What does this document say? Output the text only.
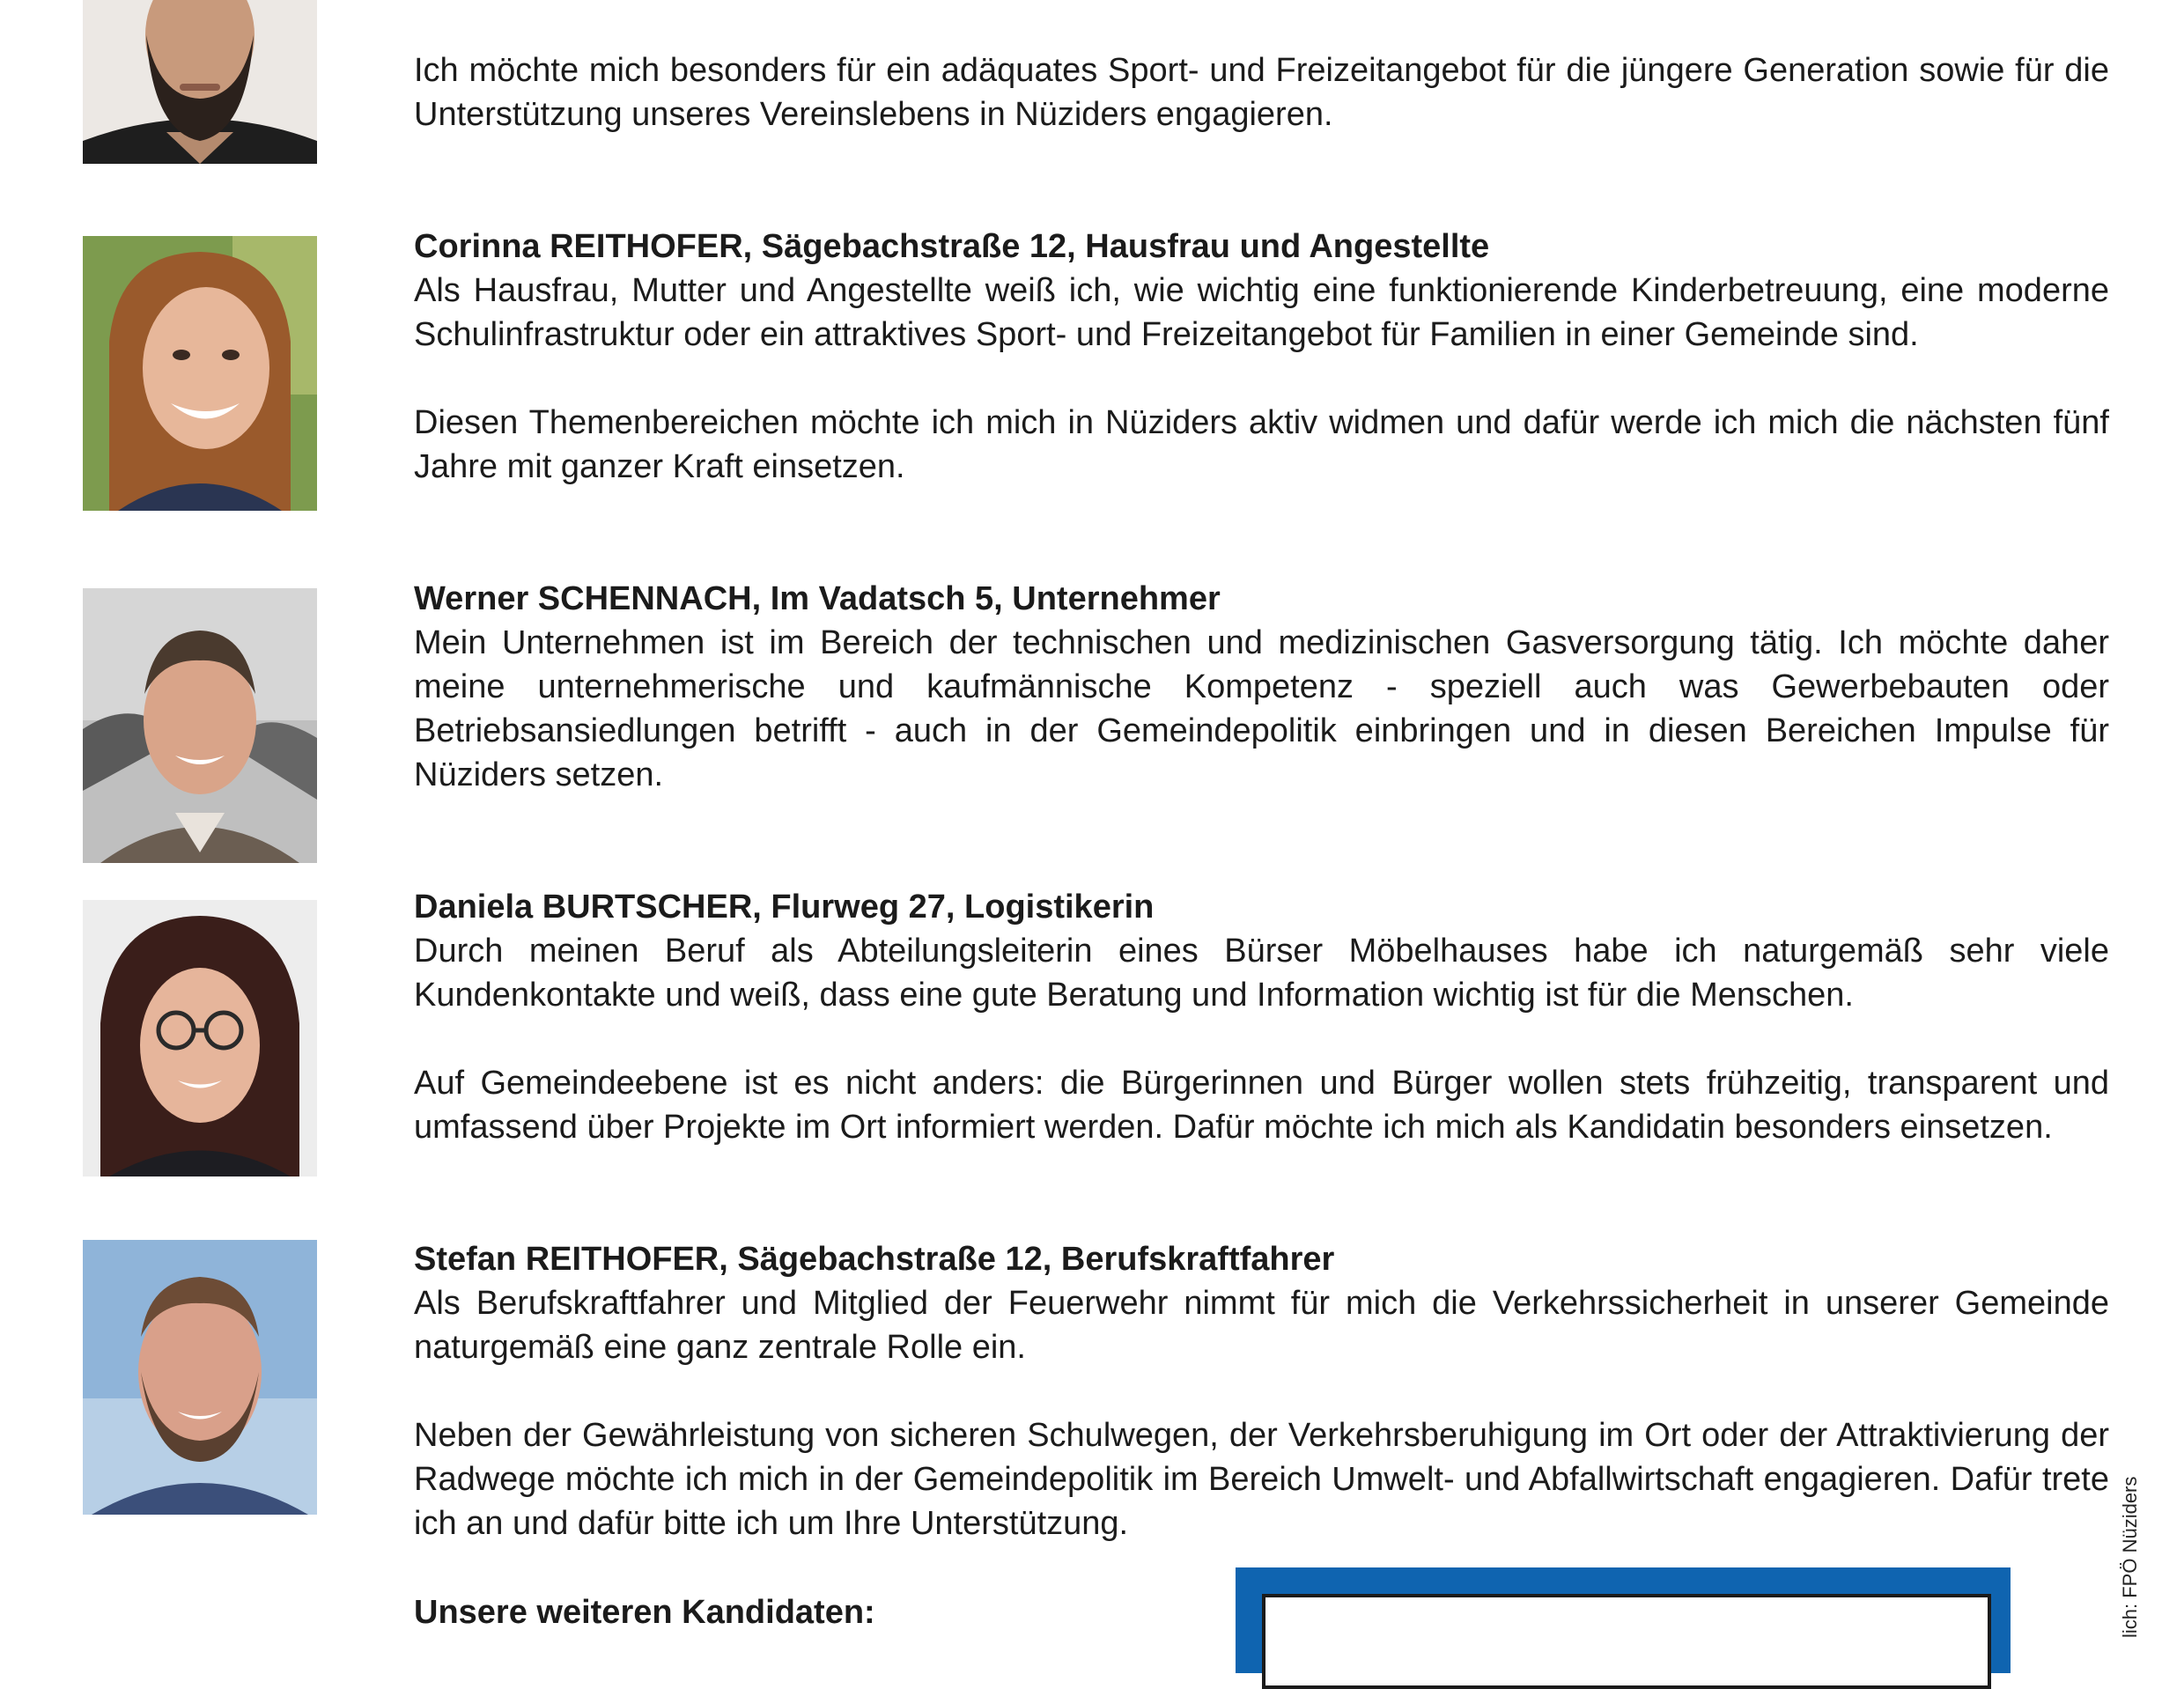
Ich möchte mich besonders für ein adäquates Sport- und Freizeitangebot für die jüngere Generation sowie für die Unterstützung unseres Vereinslebens in Nüziders engagieren.

Corinna REITHOFER, Sägebachstraße 12, Hausfrau und Angestellte

Als Hausfrau, Mutter und Angestellte weiß ich, wie wichtig eine funktionierende Kinderbetreuung, eine moderne Schulinfrastruktur oder ein attraktives Sport- und Freizeitangebot für Familien in einer Gemeinde sind.

Diesen Themenbereichen möchte ich mich in Nüziders aktiv widmen und dafür werde ich mich die nächsten fünf Jahre mit ganzer Kraft einsetzen.

Werner SCHENNACH, Im Vadatsch 5, Unternehmer

Mein Unternehmen ist im Bereich der technischen und medizinischen Gasversorgung tätig. Ich möchte daher meine unternehmerische und kaufmännische Kompetenz - speziell auch was Gewerbebauten oder Betriebsansiedlungen betrifft - auch in der Gemeindepolitik einbringen und in diesen Bereichen Impulse für Nüziders setzen.

Daniela BURTSCHER, Flurweg 27, Logistikerin

Durch meinen Beruf als Abteilungsleiterin eines Bürser Möbelhauses habe ich naturgemäß sehr viele Kundenkontakte und weiß, dass eine gute Beratung und Information wichtig ist für die Menschen.

Auf Gemeindeebene ist es nicht anders: die Bürgerinnen und Bürger wollen stets frühzeitig, transparent und umfassend über Projekte im Ort informiert werden. Dafür möchte ich mich als Kandidatin besonders einsetzen.

Stefan REITHOFER, Sägebachstraße 12, Berufskraftfahrer

Als Berufskraftfahrer und Mitglied der Feuerwehr nimmt für mich die Verkehrssicherheit in unserer Gemeinde naturgemäß eine ganz zentrale Rolle ein.

Neben der Gewährleistung von sicheren Schulwegen, der Verkehrsberuhigung im Ort oder der Attraktivierung der Radwege möchte ich mich in der Gemeindepolitik im Bereich Umwelt- und Abfallwirtschaft engagieren. Dafür trete ich an und dafür bitte ich um Ihre Unterstützung.

Unsere weiteren Kandidaten:	lich: FPÖ Nüziders
